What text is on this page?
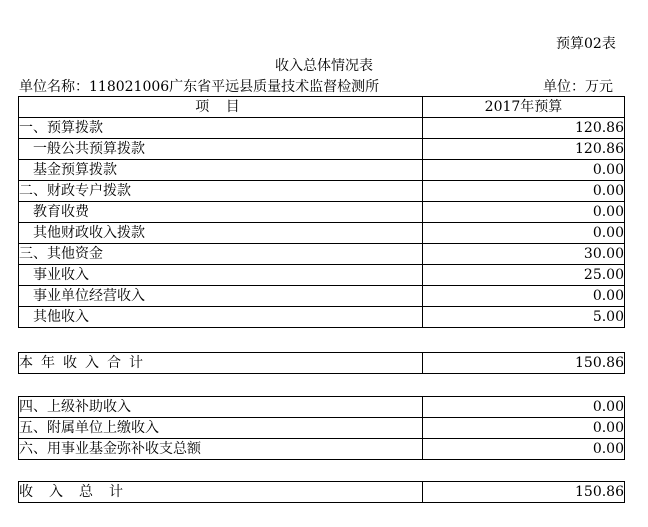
预算02表
收入总体情况表
单位名称：118021006广东省平远县质量技术监督检测所	单位：万元
项 目	2017年预算
一、预算拨款	120.86
一般公共预算拨款	120.86
基金预算拨款	0.00
二、财政专户拨款	0.00
教育收费	0.00
其他财政收入拨款	0.00
三、其他资金	30.00
事业收入	25.00
事业单位经营收入	0.00
其他收入	5.00
本年收入合计	150.86
四、上级补助收入	0.00
五、附属单位上缴收入	0.00
六、用事业基金弥补收支总额	0.00
收入总计	150.86
